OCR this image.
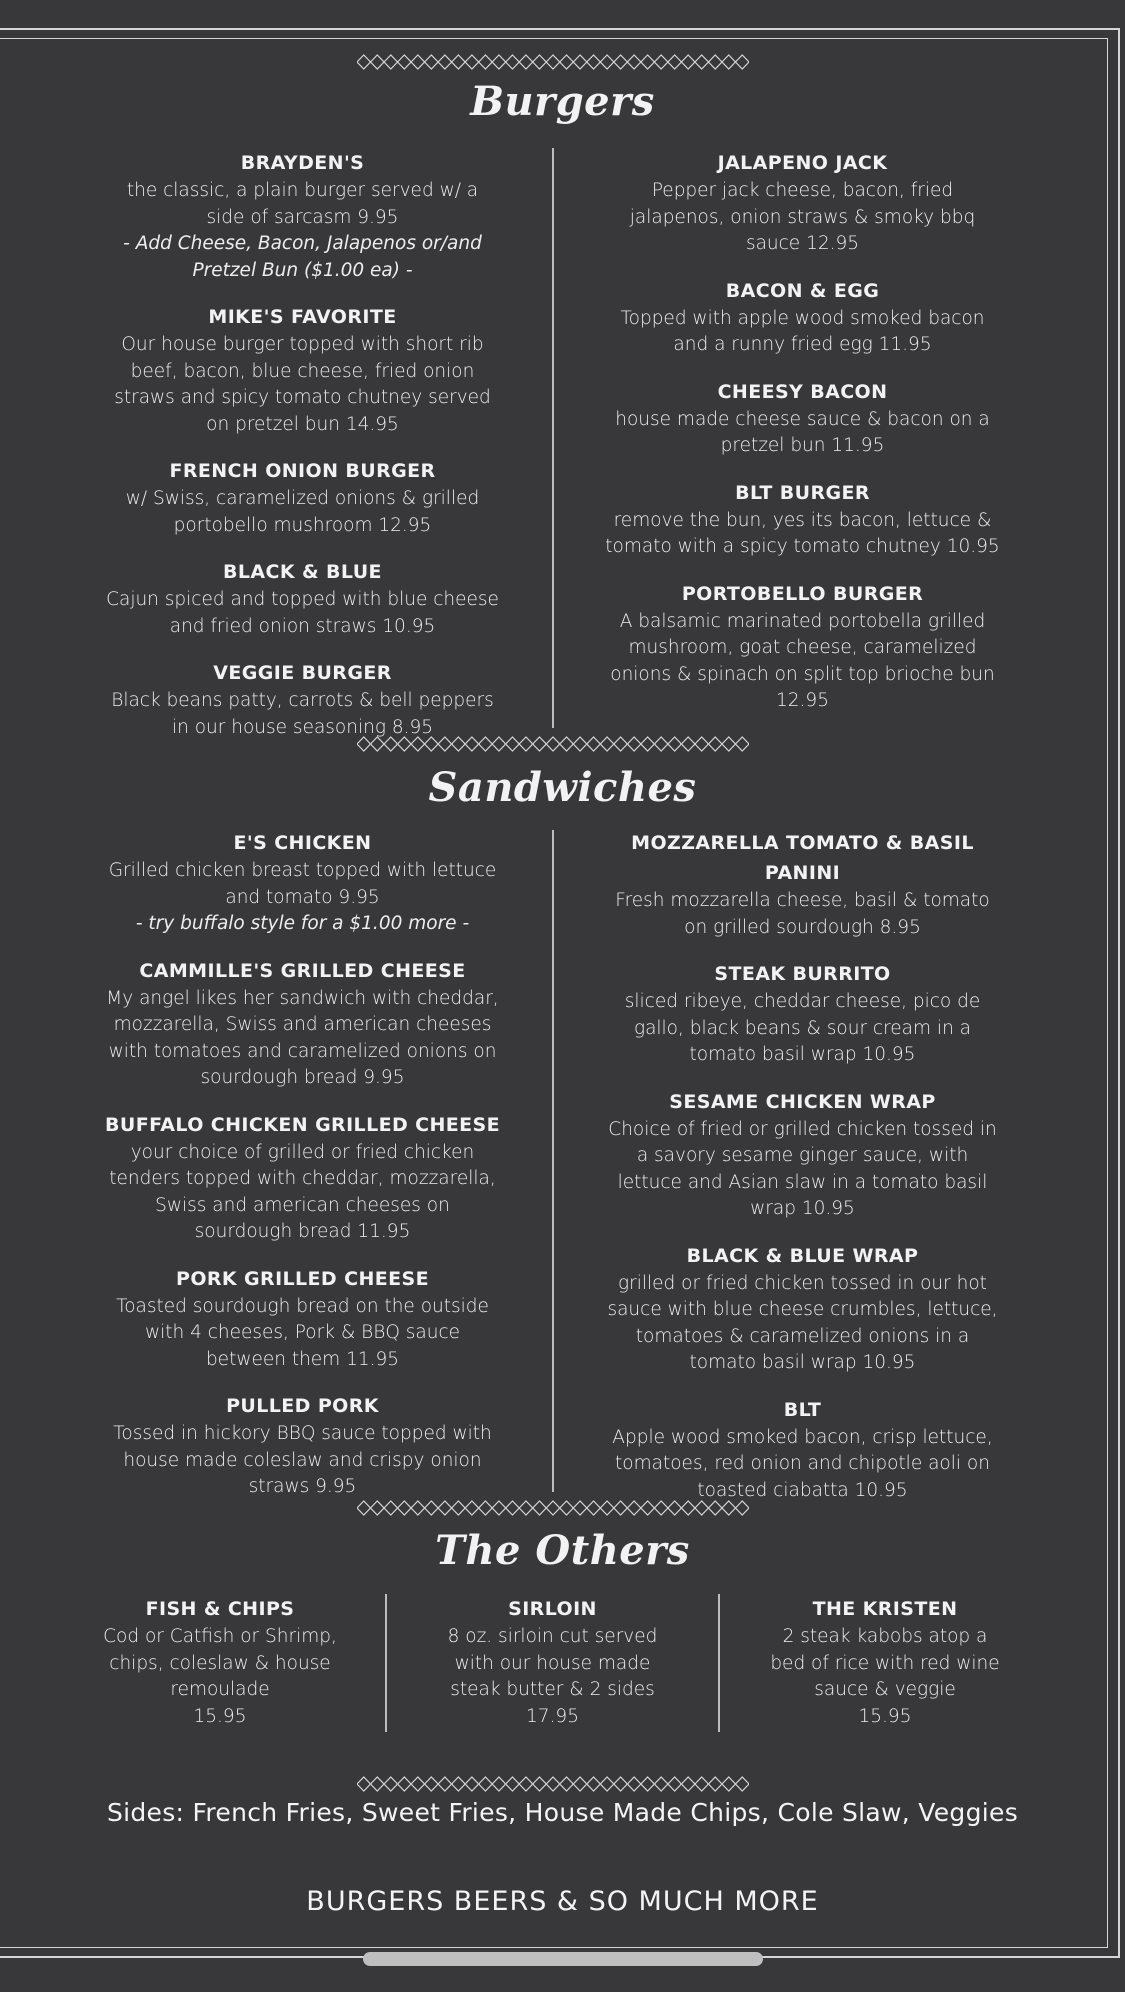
Burgers
BRAYDEN'S
the classic, a plain burger served w/ a side of sarcasm 9.95
- Add Cheese, Bacon, Jalapenos or/and Pretzel Bun ($1.00 ea) -
MIKE'S FAVORITE
Our house burger topped with short rib beef, bacon, blue cheese, fried onion straws and spicy tomato chutney served on pretzel bun 14.95
FRENCH ONION BURGER
w/ Swiss, caramelized onions & grilled portobello mushroom 12.95
BLACK & BLUE
Cajun spiced and topped with blue cheese and fried onion straws 10.95
VEGGIE BURGER
Black beans patty, carrots & bell peppers in our house seasoning 8.95
JALAPENO JACK
Pepper jack cheese, bacon, fried jalapenos, onion straws & smoky bbq sauce 12.95
BACON & EGG
Topped with apple wood smoked bacon and a runny fried egg 11.95
CHEESY BACON
house made cheese sauce & bacon on a pretzel bun 11.95
BLT BURGER
remove the bun, yes its bacon, lettuce & tomato with a spicy tomato chutney 10.95
PORTOBELLO BURGER
A balsamic marinated portobella grilled mushroom, goat cheese, caramelized onions & spinach on split top brioche bun 12.95
Sandwiches
E'S CHICKEN
Grilled chicken breast topped with lettuce and tomato 9.95
- try buffalo style for a $1.00 more -
CAMMILLE'S GRILLED CHEESE
My angel likes her sandwich with cheddar, mozzarella, Swiss and american cheeses with tomatoes and caramelized onions on sourdough bread 9.95
BUFFALO CHICKEN GRILLED CHEESE
your choice of grilled or fried chicken tenders topped with cheddar, mozzarella, Swiss and american cheeses on sourdough bread 11.95
PORK GRILLED CHEESE
Toasted sourdough bread on the outside with 4 cheeses, Pork & BBQ sauce between them 11.95
PULLED PORK
Tossed in hickory BBQ sauce topped with house made coleslaw and crispy onion straws 9.95
MOZZARELLA TOMATO & BASIL PANINI
Fresh mozzarella cheese, basil & tomato on grilled sourdough 8.95
STEAK BURRITO
sliced ribeye, cheddar cheese, pico de gallo, black beans & sour cream in a tomato basil wrap 10.95
SESAME CHICKEN WRAP
Choice of fried or grilled chicken tossed in a savory sesame ginger sauce, with lettuce and Asian slaw in a tomato basil wrap 10.95
BLACK & BLUE WRAP
grilled or fried chicken tossed in our hot sauce with blue cheese crumbles, lettuce, tomatoes & caramelized onions in a tomato basil wrap 10.95
BLT
Apple wood smoked bacon, crisp lettuce, tomatoes, red onion and chipotle aoli on toasted ciabatta 10.95
The Others
FISH & CHIPS
Cod or Catfish or Shrimp, chips, coleslaw & house remoulade
15.95
SIRLOIN
8 oz. sirloin cut served with our house made steak butter & 2 sides
17.95
THE KRISTEN
2 steak kabobs atop a bed of rice with red wine sauce & veggie
15.95
Sides: French Fries, Sweet Fries, House Made Chips, Cole Slaw, Veggies
BURGERS BEERS & SO MUCH MORE
